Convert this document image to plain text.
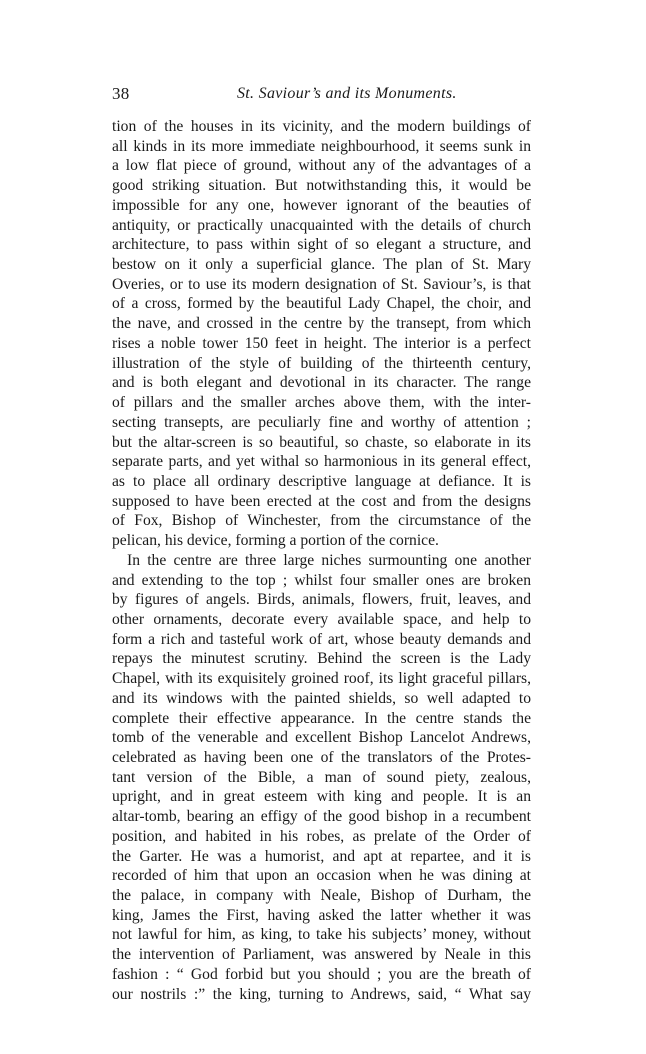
38	St. Saviour’s and its Monuments.
tion of the houses in its vicinity, and the modern buildings of
all kinds in its more immediate neighbourhood, it seems sunk in
a low flat piece of ground, without any of the advantages of a
good striking situation. But notwithstanding this, it would be
impossible for any one, however ignorant of the beauties of
antiquity, or practically unacquainted with the details of church
architecture, to pass within sight of so elegant a structure, and
bestow on it only a superficial glance. The plan of St. Mary
Overies, or to use its modern designation of St. Saviour’s, is that
of a cross, formed by the beautiful Lady Chapel, the choir, and
the nave, and crossed in the centre by the transept, from which
rises a noble tower 150 feet in height. The interior is a perfect
illustration of the style of building of the thirteenth century,
and is both elegant and devotional in its character. The range
of pillars and the smaller arches above them, with the inter-
secting transepts, are peculiarly fine and worthy of attention ;
but the altar-screen is so beautiful, so chaste, so elaborate in its
separate parts, and yet withal so harmonious in its general effect,
as to place all ordinary descriptive language at defiance. It is
supposed to have been erected at the cost and from the designs
of Fox, Bishop of Winchester, from the circumstance of the
pelican, his device, forming a portion of the cornice.
In the centre are three large niches surmounting one another
and extending to the top ; whilst four smaller ones are broken
by figures of angels. Birds, animals, flowers, fruit, leaves, and
other ornaments, decorate every available space, and help to
form a rich and tasteful work of art, whose beauty demands and
repays the minutest scrutiny. Behind the screen is the Lady
Chapel, with its exquisitely groined roof, its light graceful pillars,
and its windows with the painted shields, so well adapted to
complete their effective appearance. In the centre stands the
tomb of the venerable and excellent Bishop Lancelot Andrews,
celebrated as having been one of the translators of the Protes-
tant version of the Bible, a man of sound piety, zealous,
upright, and in great esteem with king and people. It is an
altar-tomb, bearing an effigy of the good bishop in a recumbent
position, and habited in his robes, as prelate of the Order of
the Garter. He was a humorist, and apt at repartee, and it is
recorded of him that upon an occasion when he was dining at
the palace, in company with Neale, Bishop of Durham, the
king, James the First, having asked the latter whether it was
not lawful for him, as king, to take his subjects’ money, without
the intervention of Parliament, was answered by Neale in this
fashion : “ God forbid but you should ; you are the breath of
our nostrils :” the king, turning to Andrews, said, “ What say
